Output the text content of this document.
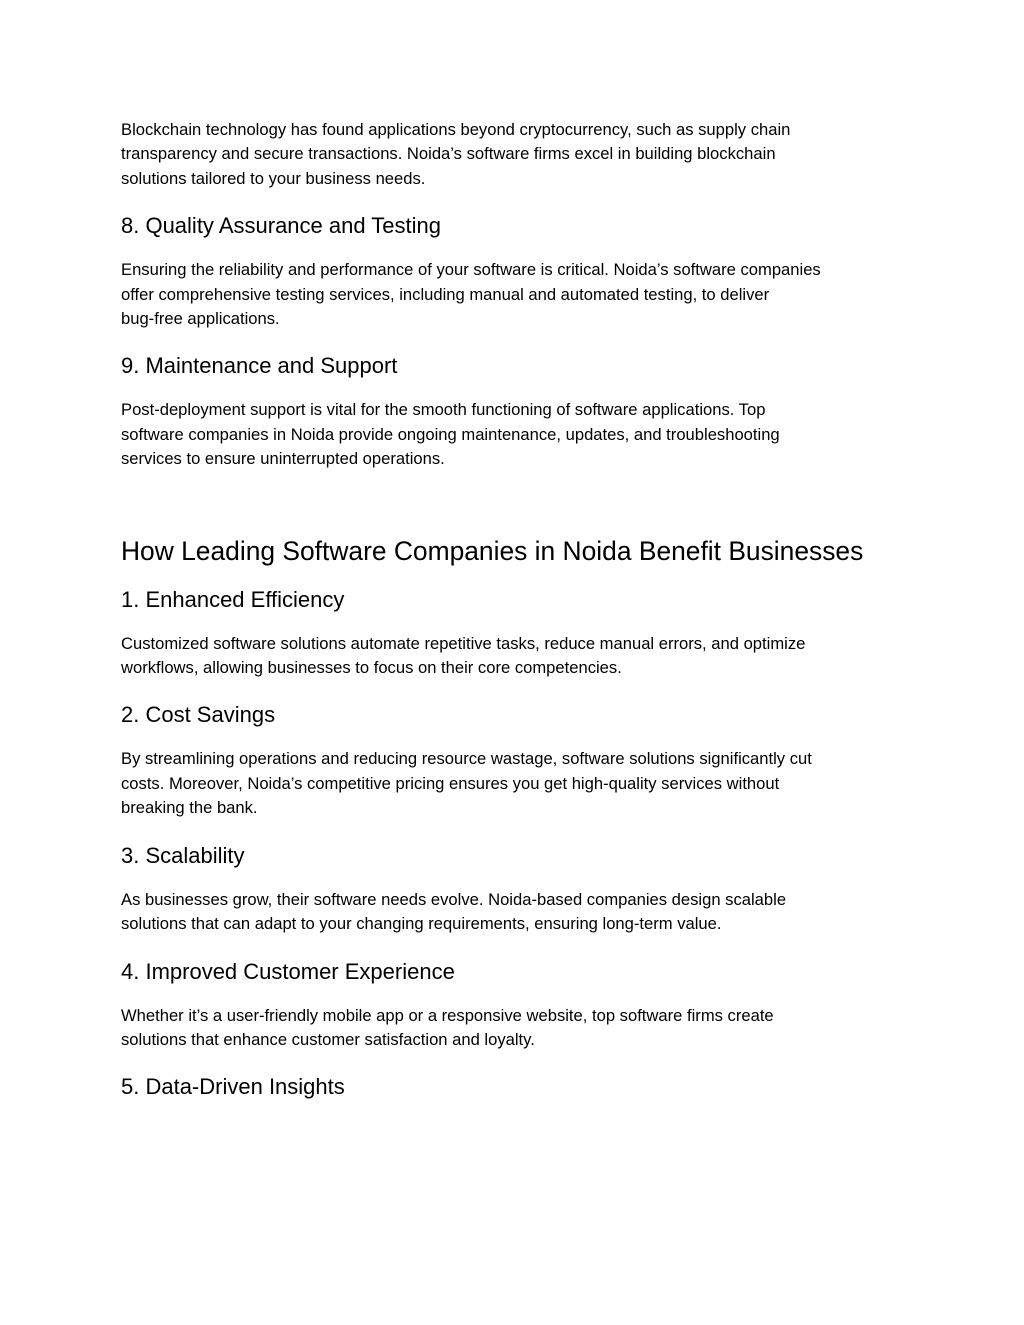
Blockchain technology has found applications beyond cryptocurrency, such as supply chain
transparency and secure transactions. Noida’s software firms excel in building blockchain
solutions tailored to your business needs.

8. Quality Assurance and Testing

Ensuring the reliability and performance of your software is critical. Noida’s software companies
offer comprehensive testing services, including manual and automated testing, to deliver
bug-free applications.

9. Maintenance and Support

Post-deployment support is vital for the smooth functioning of software applications. Top
software companies in Noida provide ongoing maintenance, updates, and troubleshooting
services to ensure uninterrupted operations.

How Leading Software Companies in Noida Benefit Businesses
1. Enhanced Efficiency

Customized software solutions automate repetitive tasks, reduce manual errors, and optimize
workflows, allowing businesses to focus on their core competencies.

2. Cost Savings

By streamlining operations and reducing resource wastage, software solutions significantly cut
costs. Moreover, Noida’s competitive pricing ensures you get high-quality services without
breaking the bank.

3. Scalability

As businesses grow, their software needs evolve. Noida-based companies design scalable
solutions that can adapt to your changing requirements, ensuring long-term value.

4. Improved Customer Experience

Whether it’s a user-friendly mobile app or a responsive website, top software firms create
solutions that enhance customer satisfaction and loyalty.

5. Data-Driven Insights
